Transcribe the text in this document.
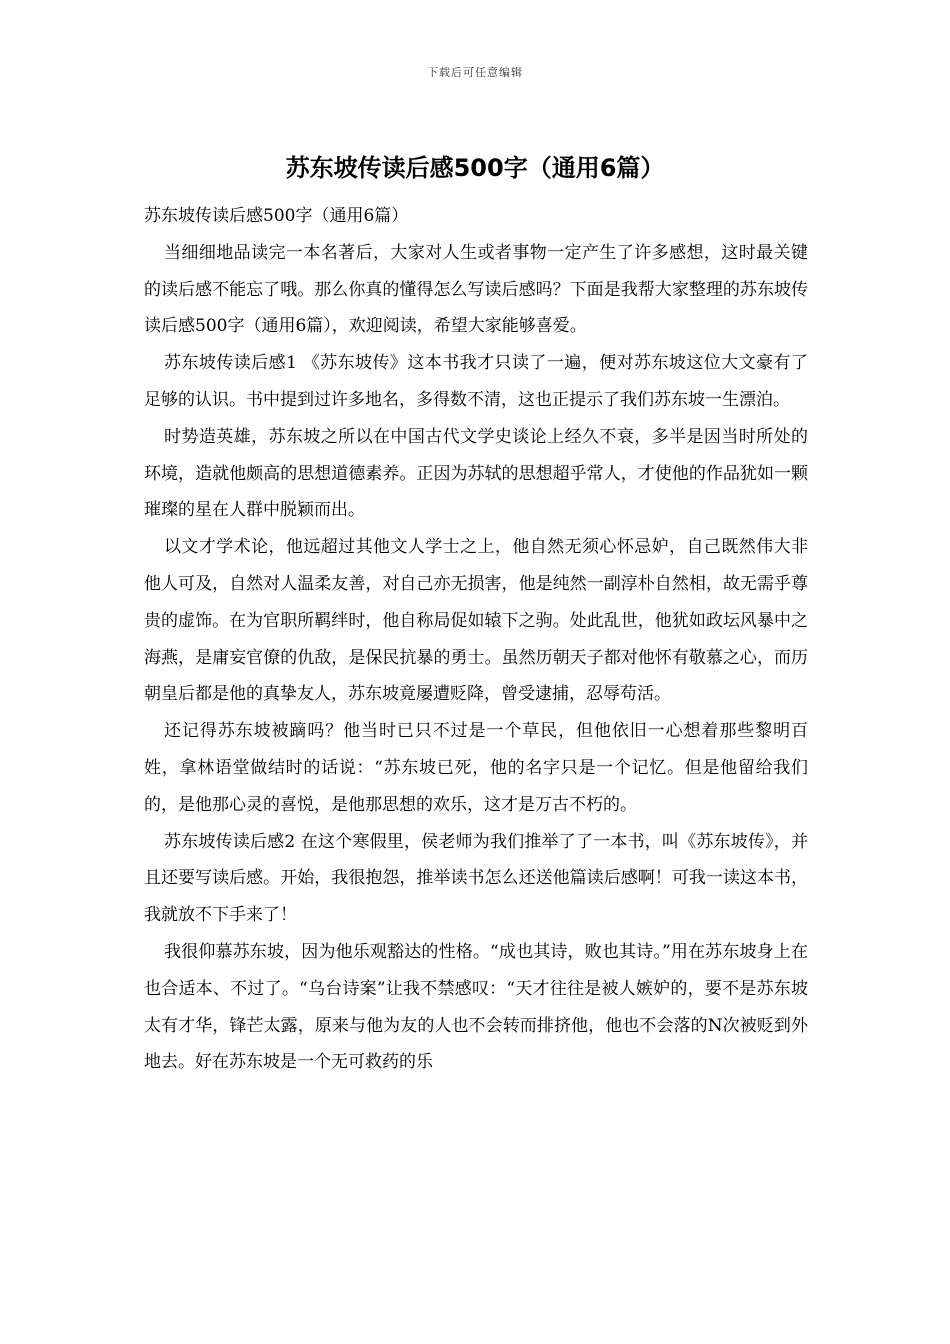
下载后可任意编辑
苏东坡传读后感500字（通用6篇）

苏东坡传读后感500字（通用6篇）

当细细地品读完一本名著后，大家对人生或者事物一定产生了许多感想，这时最关键的读后感不能忘了哦。那么你真的懂得怎么写读后感吗？下面是我帮大家整理的苏东坡传读后感500字（通用6篇），欢迎阅读，希望大家能够喜爱。

苏东坡传读后感1 《苏东坡传》这本书我才只读了一遍，便对苏东坡这位大文豪有了足够的认识。书中提到过许多地名，多得数不清，这也正提示了我们苏东坡一生漂泊。

时势造英雄，苏东坡之所以在中国古代文学史谈论上经久不衰，多半是因当时所处的环境，造就他颇高的思想道德素养。正因为苏轼的思想超乎常人，才使他的作品犹如一颗璀璨的星在人群中脱颖而出。

以文才学术论，他远超过其他文人学士之上，他自然无须心怀忌妒，自己既然伟大非他人可及，自然对人温柔友善，对自己亦无损害，他是纯然一副淳朴自然相，故无需乎尊贵的虚饰。在为官职所羁绊时，他自称局促如辕下之驹。处此乱世，他犹如政坛风暴中之海燕，是庸妄官僚的仇敌，是保民抗暴的勇士。虽然历朝天子都对他怀有敬慕之心，而历朝皇后都是他的真挚友人，苏东坡竟屡遭贬降，曾受逮捕，忍辱苟活。

还记得苏东坡被蹢吗？他当时已只不过是一个草民，但他依旧一心想着那些黎明百姓，拿林语堂做结时的话说：“苏东坡已死，他的名字只是一个记忆。但是他留给我们的，是他那心灵的喜悦，是他那思想的欢乐，这才是万古不朽的。

苏东坡传读后感2 在这个寒假里，侯老师为我们推举了了一本书，叫《苏东坡传》，并且还要写读后感。开始，我很抱怨，推举读书怎么还送他篇读后感啊！可我一读这本书，我就放不下手来了！

我很仰慕苏东坡，因为他乐观豁达的性格。“成也其诗，败也其诗。”用在苏东坡身上在也合适本、不过了。“乌台诗案”让我不禁感叹：“天才往往是被人嫉妒的，要不是苏东坡太有才华，锋芒太露，原来与他为友的人也不会转而排挤他，他也不会落的N次被贬到外地去。好在苏东坡是一个无可救药的乐
